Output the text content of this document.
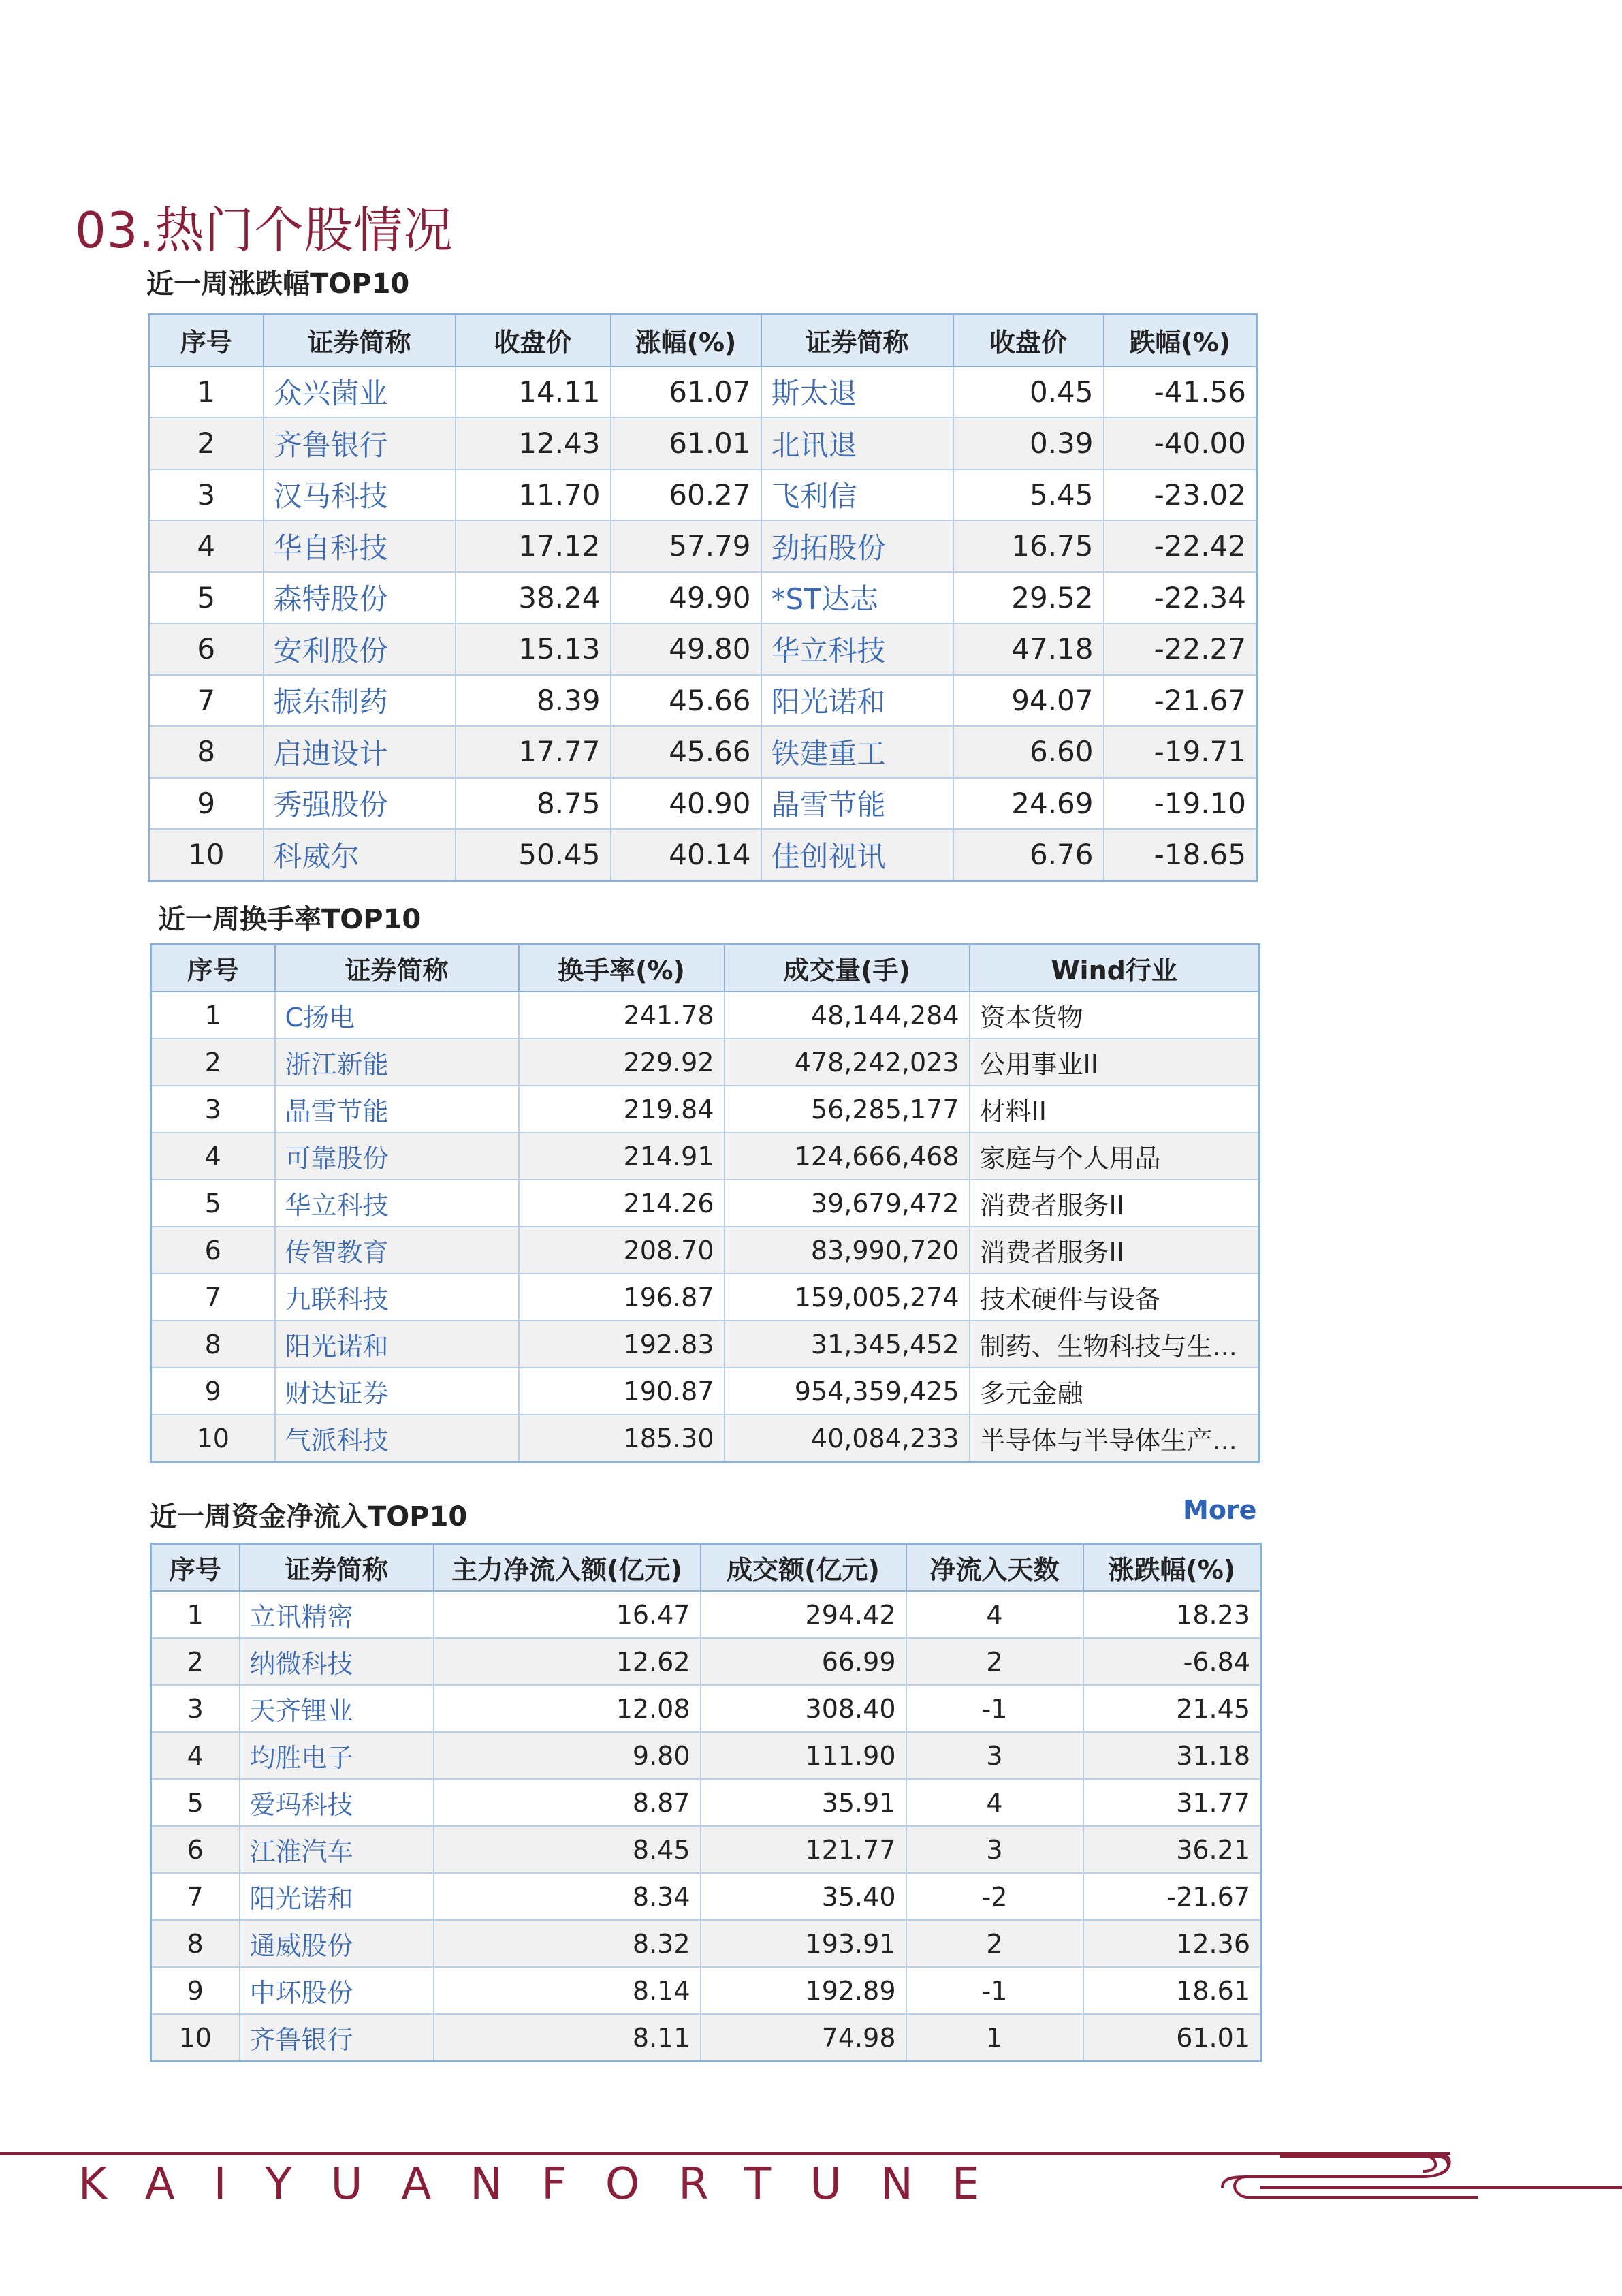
03.热门个股情况
近一周涨跌幅TOP10
序号	证券简称	收盘价	涨幅(%)	证券简称	收盘价	跌幅(%)
1	众兴菌业	14.11	61.07	斯太退	0.45	-41.56
2	齐鲁银行	12.43	61.01	北讯退	0.39	-40.00
3	汉马科技	11.70	60.27	飞利信	5.45	-23.02
4	华自科技	17.12	57.79	劲拓股份	16.75	-22.42
5	森特股份	38.24	49.90	*ST达志	29.52	-22.34
6	安利股份	15.13	49.80	华立科技	47.18	-22.27
7	振东制药	8.39	45.66	阳光诺和	94.07	-21.67
8	启迪设计	17.77	45.66	铁建重工	6.60	-19.71
9	秀强股份	8.75	40.90	晶雪节能	24.69	-19.10
10	科威尔	50.45	40.14	佳创视讯	6.76	-18.65
近一周换手率TOP10
序号	证券简称	换手率(%)	成交量(手)	Wind行业
1	C扬电	241.78	48,144,284	资本货物
2	浙江新能	229.92	478,242,023	公用事业II
3	晶雪节能	219.84	56,285,177	材料II
4	可靠股份	214.91	124,666,468	家庭与个人用品
5	华立科技	214.26	39,679,472	消费者服务II
6	传智教育	208.70	83,990,720	消费者服务II
7	九联科技	196.87	159,005,274	技术硬件与设备
8	阳光诺和	192.83	31,345,452	制药、生物科技与生...
9	财达证券	190.87	954,359,425	多元金融
10	气派科技	185.30	40,084,233	半导体与半导体生产...
近一周资金净流入TOP10	More
序号	证券简称	主力净流入额(亿元)	成交额(亿元)	净流入天数	涨跌幅(%)
1	立讯精密	16.47	294.42	4	18.23
2	纳微科技	12.62	66.99	2	-6.84
3	天齐锂业	12.08	308.40	-1	21.45
4	均胜电子	9.80	111.90	3	31.18
5	爱玛科技	8.87	35.91	4	31.77
6	江淮汽车	8.45	121.77	3	36.21
7	阳光诺和	8.34	35.40	-2	-21.67
8	通威股份	8.32	193.91	2	12.36
9	中环股份	8.14	192.89	-1	18.61
10	齐鲁银行	8.11	74.98	1	61.01
KAIYUANFORTUNE
